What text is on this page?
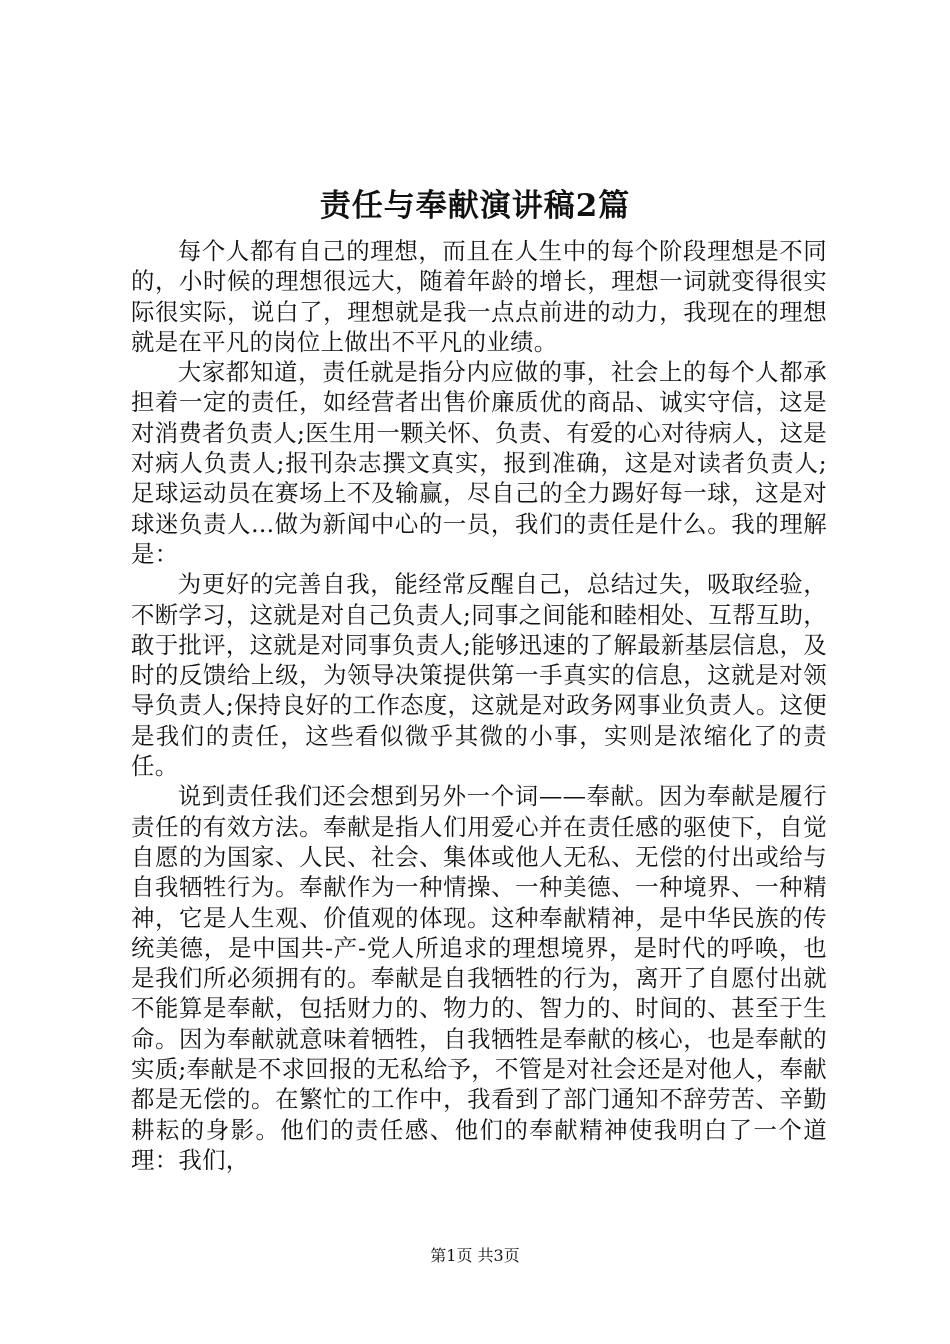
责任与奉献演讲稿2篇

每个人都有自己的理想，而且在人生中的每个阶段理想是不同的，小时候的理想很远大，随着年龄的增长，理想一词就变得很实际很实际，说白了，理想就是我一点点前进的动力，我现在的理想就是在平凡的岗位上做出不平凡的业绩。

大家都知道，责任就是指分内应做的事，社会上的每个人都承担着一定的责任，如经营者出售价廉质优的商品、诚实守信，这是对消费者负责人;医生用一颗关怀、负责、有爱的心对待病人，这是对病人负责人;报刊杂志撰文真实，报到准确，这是对读者负责人;足球运动员在赛场上不及输赢，尽自己的全力踢好每一球，这是对球迷负责人...做为新闻中心的一员，我们的责任是什么。我的理解是：

为更好的完善自我，能经常反醒自己，总结过失，吸取经验，不断学习，这就是对自己负责人;同事之间能和睦相处、互帮互助，敢于批评，这就是对同事负责人;能够迅速的了解最新基层信息，及时的反馈给上级，为领导决策提供第一手真实的信息，这就是对领导负责人;保持良好的工作态度，这就是对政务网事业负责人。这便是我们的责任，这些看似微乎其微的小事，实则是浓缩化了的责任。

说到责任我们还会想到另外一个词——奉献。因为奉献是履行责任的有效方法。奉献是指人们用爱心并在责任感的驱使下，自觉自愿的为国家、人民、社会、集体或他人无私、无偿的付出或给与自我牺牲行为。奉献作为一种情操、一种美德、一种境界、一种精神，它是人生观、价值观的体现。这种奉献精神，是中华民族的传统美德，是中国共-产-党人所追求的理想境界，是时代的呼唤，也是我们所必须拥有的。奉献是自我牺牲的行为，离开了自愿付出就不能算是奉献，包括财力的、物力的、智力的、时间的、甚至于生命。因为奉献就意味着牺牲，自我牺牲是奉献的核心，也是奉献的实质;奉献是不求回报的无私给予，不管是对社会还是对他人，奉献都是无偿的。在繁忙的工作中，我看到了部门通知不辞劳苦、辛勤耕耘的身影。他们的责任感、他们的奉献精神使我明白了一个道理：我们，

第1页 共3页
